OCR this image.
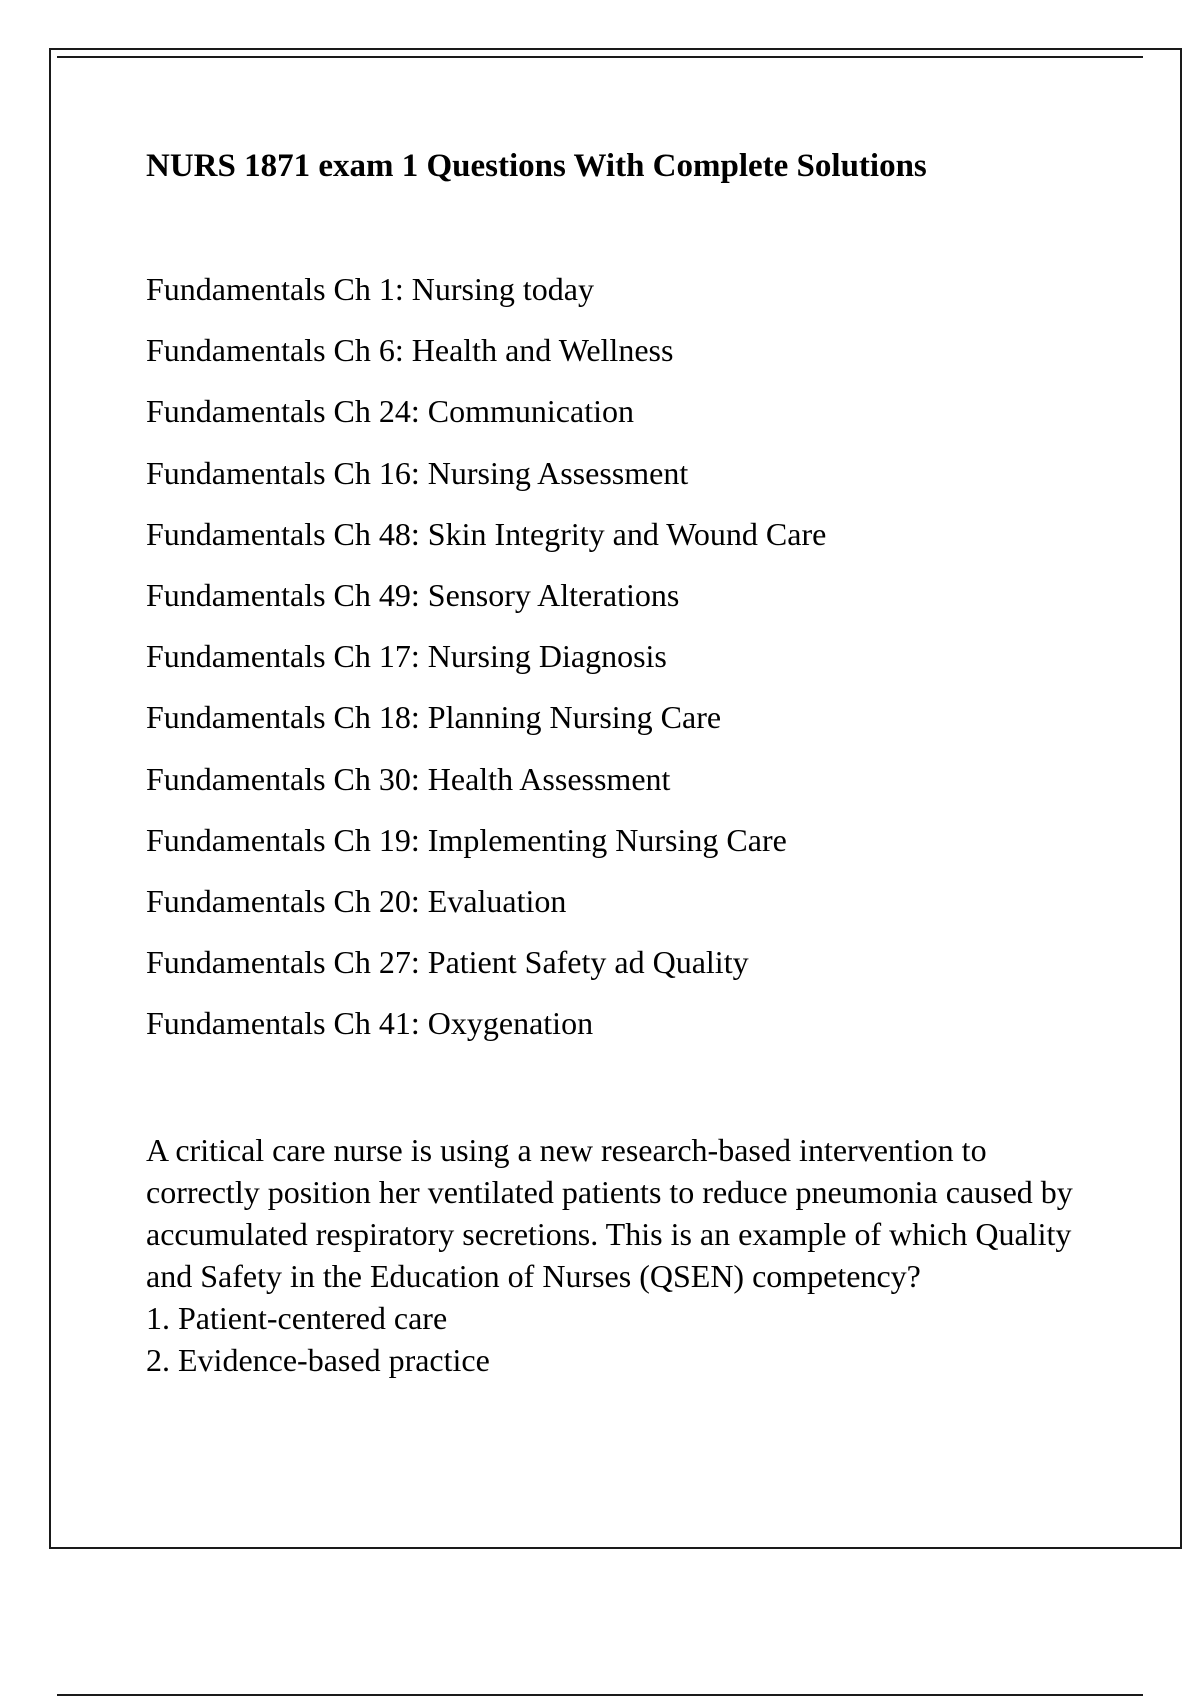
NURS 1871 exam 1 Questions With Complete Solutions
Fundamentals Ch 1: Nursing today
Fundamentals Ch 6: Health and Wellness
Fundamentals Ch 24: Communication
Fundamentals Ch 16: Nursing Assessment
Fundamentals Ch 48: Skin Integrity and Wound Care
Fundamentals Ch 49: Sensory Alterations
Fundamentals Ch 17: Nursing Diagnosis
Fundamentals Ch 18: Planning Nursing Care
Fundamentals Ch 30: Health Assessment
Fundamentals Ch 19: Implementing Nursing Care
Fundamentals Ch 20: Evaluation
Fundamentals Ch 27: Patient Safety ad Quality
Fundamentals Ch 41: Oxygenation

A critical care nurse is using a new research-based intervention to correctly position her ventilated patients to reduce pneumonia caused by accumulated respiratory secretions. This is an example of which Quality and Safety in the Education of Nurses (QSEN) competency?

1. Patient-centered care
2. Evidence-based practice
